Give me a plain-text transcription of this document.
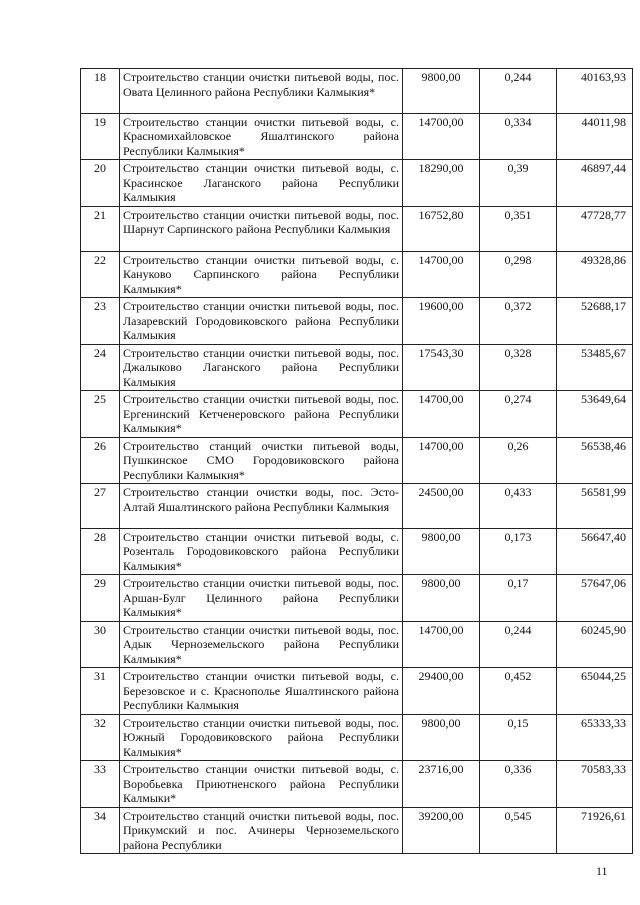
18	Строительство станции очистки питьевой воды, пос. Овата Целинного района Республики Калмыкия*	9800,00	0,244	40163,93
19	Строительство станции очистки питьевой воды, с. Красномихайловское Яшалтинского района Республики Калмыкия*	14700,00	0,334	44011,98
20	Строительство станции очистки питьевой воды, с. Красинское Лаганского района Республики Калмыкия	18290,00	0,39	46897,44
21	Строительство станции очистки питьевой воды, пос. Шарнут Сарпинского района Республики Калмыкия	16752,80	0,351	47728,77
22	Строительство станции очистки питьевой воды, с. Кануково Сарпинского района Республики Калмыкия*	14700,00	0,298	49328,86
23	Строительство станции очистки питьевой воды, пос. Лазаревский Городовиковского района Республики Калмыкия	19600,00	0,372	52688,17
24	Строительство станции очистки питьевой воды, пос. Джалыково Лаганского района Республики Калмыкия	17543,30	0,328	53485,67
25	Строительство станции очистки питьевой воды, пос. Ергенинский Кетченеровского района Республики Калмыкия*	14700,00	0,274	53649,64
26	Строительство станций очистки питьевой воды, Пушкинское СМО Городовиковского района Республики Калмыкия*	14700,00	0,26	56538,46
27	Строительство станции очистки воды, пос. Эсто-Алтай Яшалтинского района Республики Калмыкия	24500,00	0,433	56581,99
28	Строительство станции очистки питьевой воды, с. Розенталь Городовиковского района Республики Калмыкия*	9800,00	0,173	56647,40
29	Строительство станции очистки питьевой воды, пос. Аршан-Булг Целинного района Республики Калмыкия*	9800,00	0,17	57647,06
30	Строительство станции очистки питьевой воды, пос. Адык Черноземельского района Республики Калмыкия*	14700,00	0,244	60245,90
31	Строительство станции очистки питьевой воды, с. Березовское и с. Краснополье Яшалтинского района Республики Калмыкия	29400,00	0,452	65044,25
32	Строительство станции очистки питьевой воды, пос. Южный Городовиковского района Республики Калмыкия*	9800,00	0,15	65333,33
33	Строительство станции очистки питьевой воды, с. Воробьевка Приютненского района Республики Калмыки*	23716,00	0,336	70583,33
34	Строительство станций очистки питьевой воды, пос. Прикумский и пос. Ачинеры Черноземельского района Республики	39200,00	0,545	71926,61
11
